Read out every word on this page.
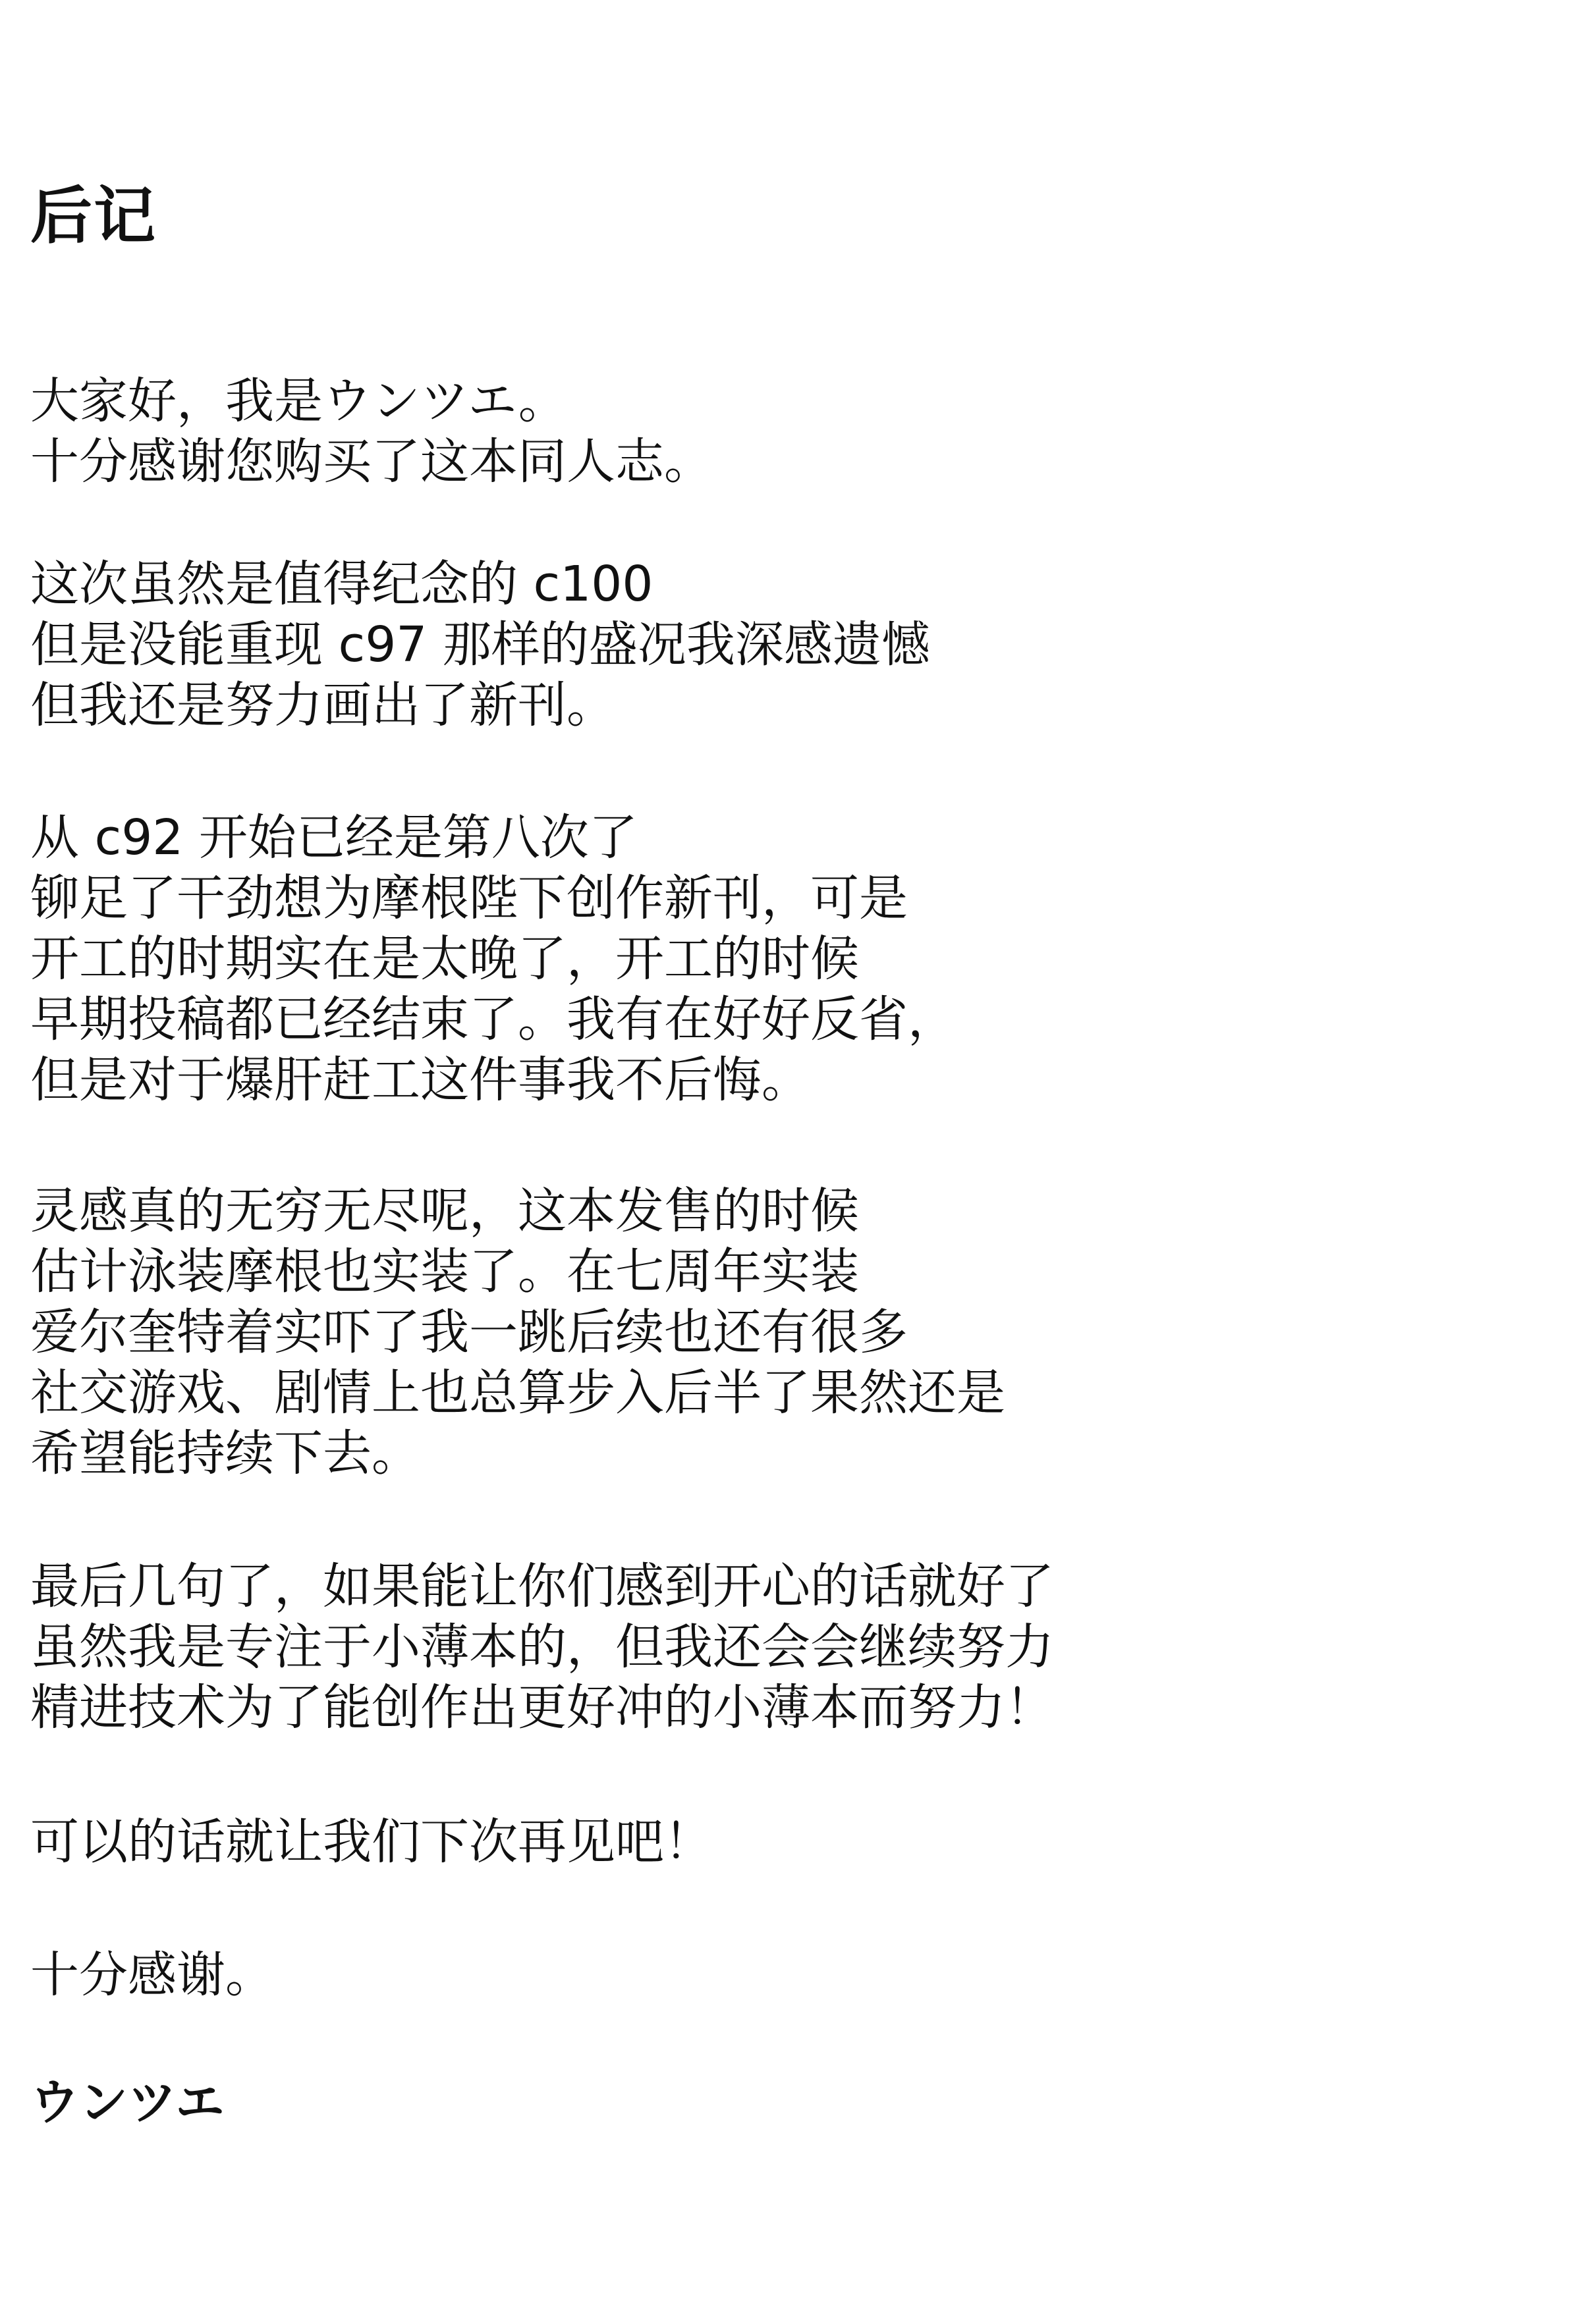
后记

大家好，我是ウンツエ。

十分感谢您购买了这本同人志。

这次虽然是值得纪念的 c100

但是没能重现 c97 那样的盛况我深感遗憾

但我还是努力画出了新刊。

从 c92 开始已经是第八次了

铆足了干劲想为摩根陛下创作新刊，可是

开工的时期实在是太晚了，开工的时候

早期投稿都已经结束了。我有在好好反省，

但是对于爆肝赶工这件事我不后悔。

灵感真的无穷无尽呢，这本发售的时候

估计泳装摩根也实装了。在七周年实装

爱尔奎特着实吓了我一跳后续也还有很多

社交游戏、剧情上也总算步入后半了果然还是

希望能持续下去。

最后几句了，如果能让你们感到开心的话就好了

虽然我是专注于小薄本的，但我还会会继续努力

精进技术为了能创作出更好冲的小薄本而努力！

可以的话就让我们下次再见吧！

十分感谢。

ウンツエ
